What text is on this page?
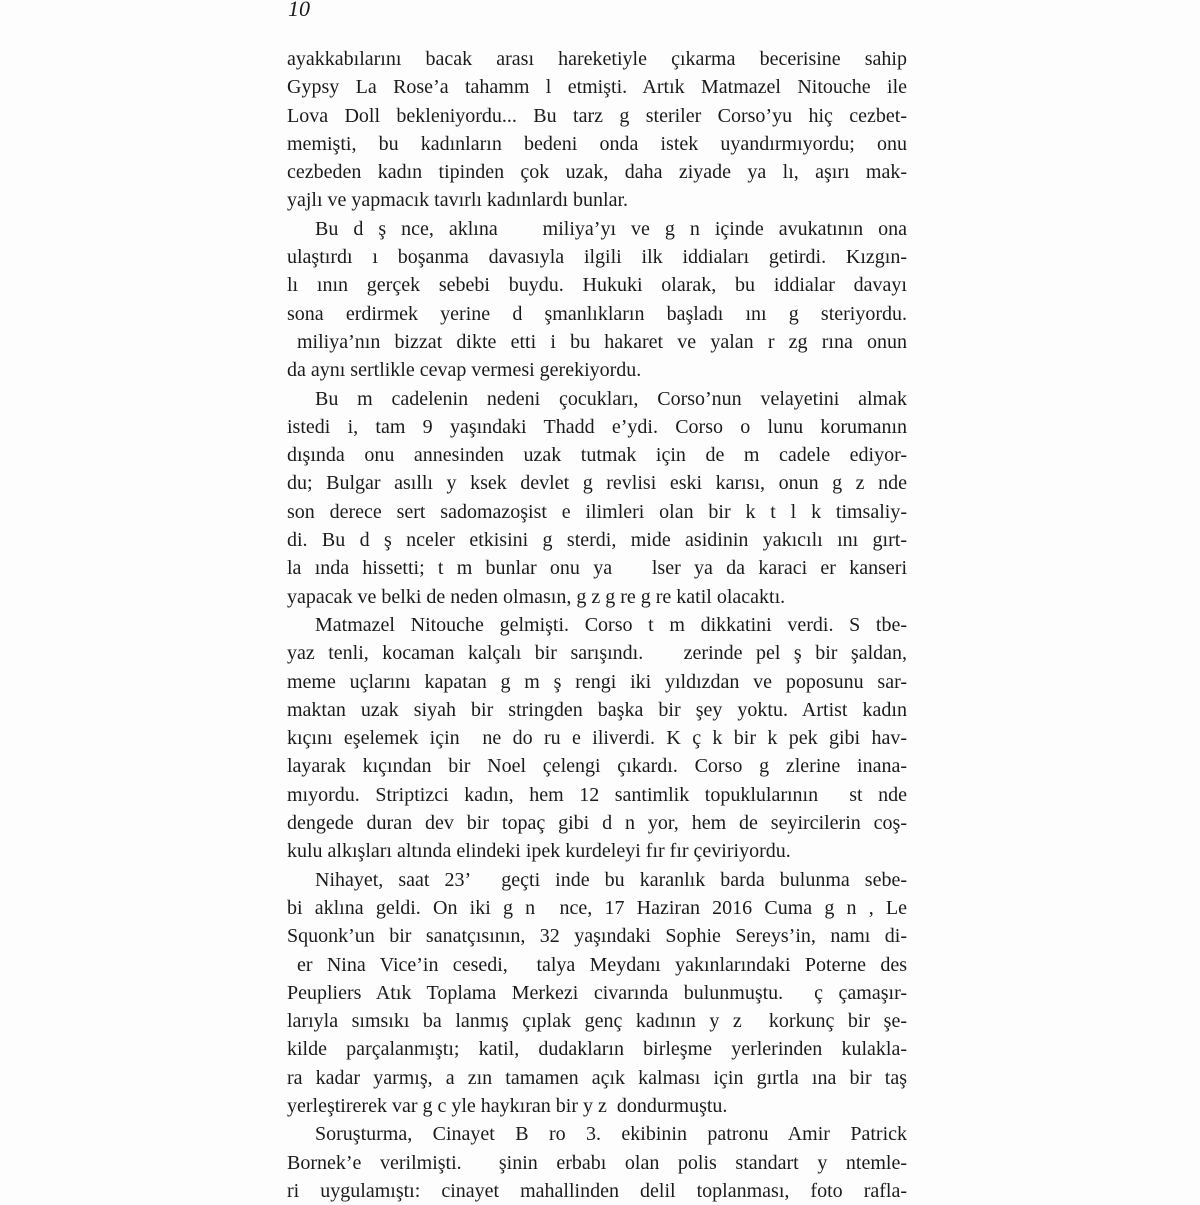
10
ayakkabılarını bacak arası hareketiyle çıkarma becerisine sahip
Gypsy La Rose’a tahamm l etmişti. Artık Matmazel Nitouche ile
Lova Doll bekleniyordu... Bu tarz g steriler Corso’yu hiç cezbet-
memişti, bu kadınların bedeni onda istek uyandırmıyordu; onu
cezbeden kadın tipinden çok uzak, daha ziyade ya lı, aşırı mak-
yajlı ve yapmacık tavırlı kadınlardı bunlar.
Bu d ş nce, aklına   miliya’yı ve g n içinde avukatının ona
ulaştırdı ı boşanma davasıyla ilgili ilk iddiaları getirdi. Kızgın-
lı ının gerçek sebebi buydu. Hukuki olarak, bu iddialar davayı
sona erdirmek yerine d şmanlıkların başladı ını g steriyordu.
miliya’nın bizzat dikte etti i bu hakaret ve yalan r zg rına onun
da aynı sertlikle cevap vermesi gerekiyordu.
Bu m cadelenin nedeni çocukları, Corso’nun velayetini almak
istedi i, tam 9 yaşındaki Thadd e’ydi. Corso o lunu korumanın
dışında onu annesinden uzak tutmak için de m cadele ediyor-
du; Bulgar asıllı y ksek devlet g revlisi eski karısı, onun g z nde
son derece sert sadomazoşist e ilimleri olan bir k t l k timsaliy-
di. Bu d ş nceler etkisini g sterdi, mide asidinin yakıcılı ını gırt-
la ında hissetti; t m bunlar onu ya   lser ya da karaci er kanseri
yapacak ve belki de neden olmasın, g z g re g re katil olacaktı.
Matmazel Nitouche gelmişti. Corso t m dikkatini verdi. S tbe-
yaz tenli, kocaman kalçalı bir sarışındı.   zerinde pel ş bir şaldan,
meme uçlarını kapatan g m ş rengi iki yıldızdan ve poposunu sar-
maktan uzak siyah bir stringden başka bir şey yoktu. Artist kadın
kıçını eşelemek için  ne do ru e iliverdi. K ç k bir k pek gibi hav-
layarak kıçından bir Noel çelengi çıkardı. Corso g zlerine inana-
mıyordu. Striptizci kadın, hem 12 santimlik topuklularının  st nde
dengede duran dev bir topaç gibi d n yor, hem de seyircilerin coş-
kulu alkışları altında elindeki ipek kurdeleyi fır fır çeviriyordu.
Nihayet, saat 23’  geçti inde bu karanlık barda bulunma sebe-
bi aklına geldi. On iki g n  nce, 17 Haziran 2016 Cuma g n , Le
Squonk’un bir sanatçısının, 32 yaşındaki Sophie Sereys’in, namı di-
er Nina Vice’in cesedi,  talya Meydanı yakınlarındaki Poterne des
Peupliers Atık Toplama Merkezi civarında bulunmuştu.  ç çamaşır-
larıyla sımsıkı ba lanmış çıplak genç kadının y z  korkunç bir şe-
kilde parçalanmıştı; katil, dudakların birleşme yerlerinden kulakla-
ra kadar yarmış, a zın tamamen açık kalması için gırtla ına bir taş
yerleştirerek var g c yle haykıran bir y z  dondurmuştu.
Soruşturma, Cinayet B ro 3. ekibinin patronu Amir Patrick
Bornek’e verilmişti.  şinin erbabı olan polis standart y ntemle-
ri uygulamıştı: cinayet mahallinden delil toplanması, foto rafla-
